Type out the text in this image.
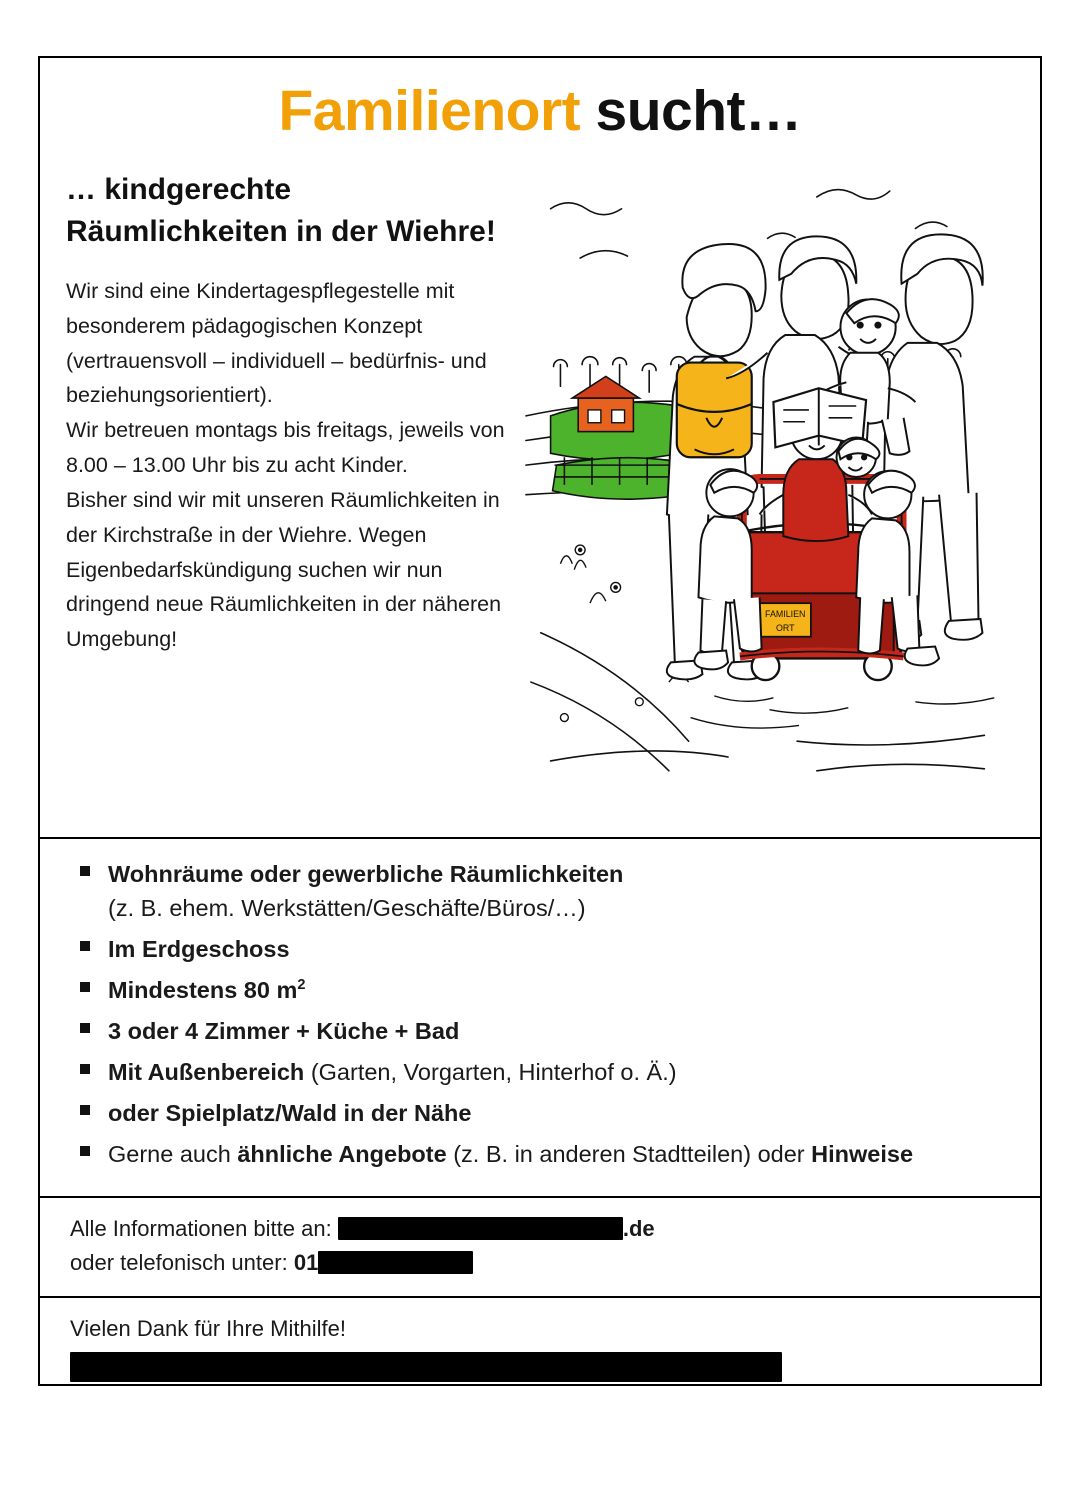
Familienort sucht…
… kindgerechte Räumlichkeiten in der Wiehre!

Wir sind eine Kindertagespflegestelle mit besonderem pädagogischen Konzept (vertrauensvoll – individuell – bedürfnis- und beziehungsorientiert).

Wir betreuen montags bis freitags, jeweils von 8.00 – 13.00 Uhr bis zu acht Kinder.

Bisher sind wir mit unseren Räumlichkeiten in der Kirchstraße in der Wiehre. Wegen Eigenbedarfskündigung suchen wir nun dringend neue Räumlichkeiten in der näheren Umgebung!

FAMILIEN
ORT
Wohnräume oder gewerbliche Räumlichkeiten
(z. B. ehem. Werkstätten/Geschäfte/Büros/…)
Im Erdgeschoss
Mindestens 80 $m^2$
3 oder 4 Zimmer + Küche + Bad
Mit Außenbereich (Garten, Vorgarten, Hinterhof o. Ä.)
oder Spielplatz/Wald in der Nähe
Gerne auch ähnliche Angebote (z. B. in anderen Stadtteilen) oder Hinweise
Alle Informationen bitte an:	.de
oder telefonisch unter: 01
Vielen Dank für Ihre Mithilfe!
